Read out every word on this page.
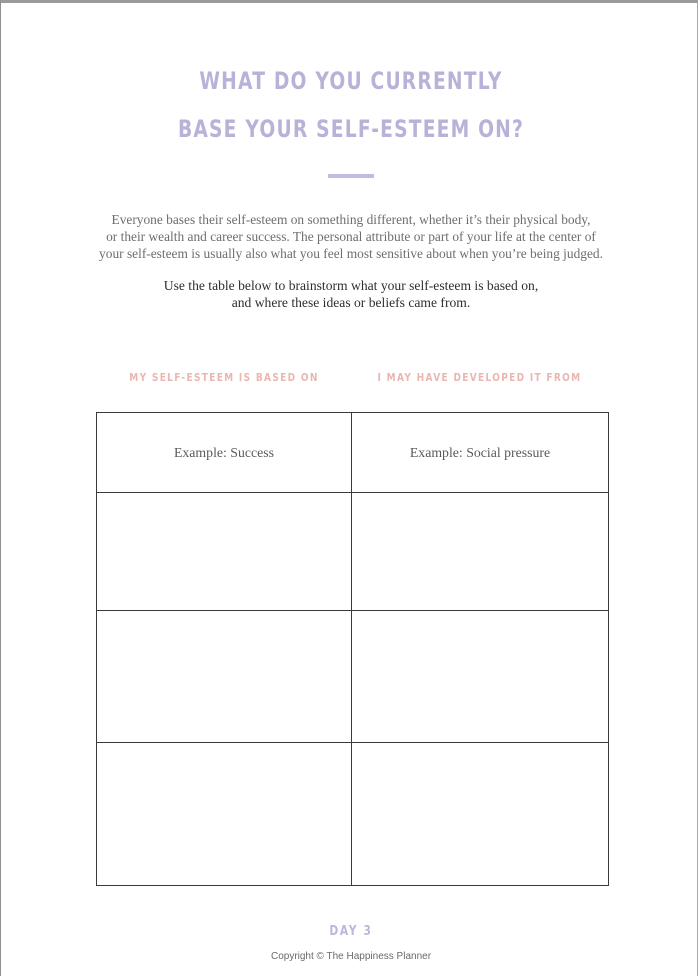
WHAT DO YOU CURRENTLY
BASE YOUR SELF-ESTEEM ON?
Everyone bases their self-esteem on something different, whether it’s their physical body,
or their wealth and career success. The personal attribute or part of your life at the center of
your self-esteem is usually also what you feel most sensitive about when you’re being judged.
Use the table below to brainstorm what your self-esteem is based on,
and where these ideas or beliefs came from.
MY SELF-ESTEEM IS BASED ON	I MAY HAVE DEVELOPED IT FROM
Example: Success	Example: Social pressure

DAY 3
Copyright © The Happiness Planner
